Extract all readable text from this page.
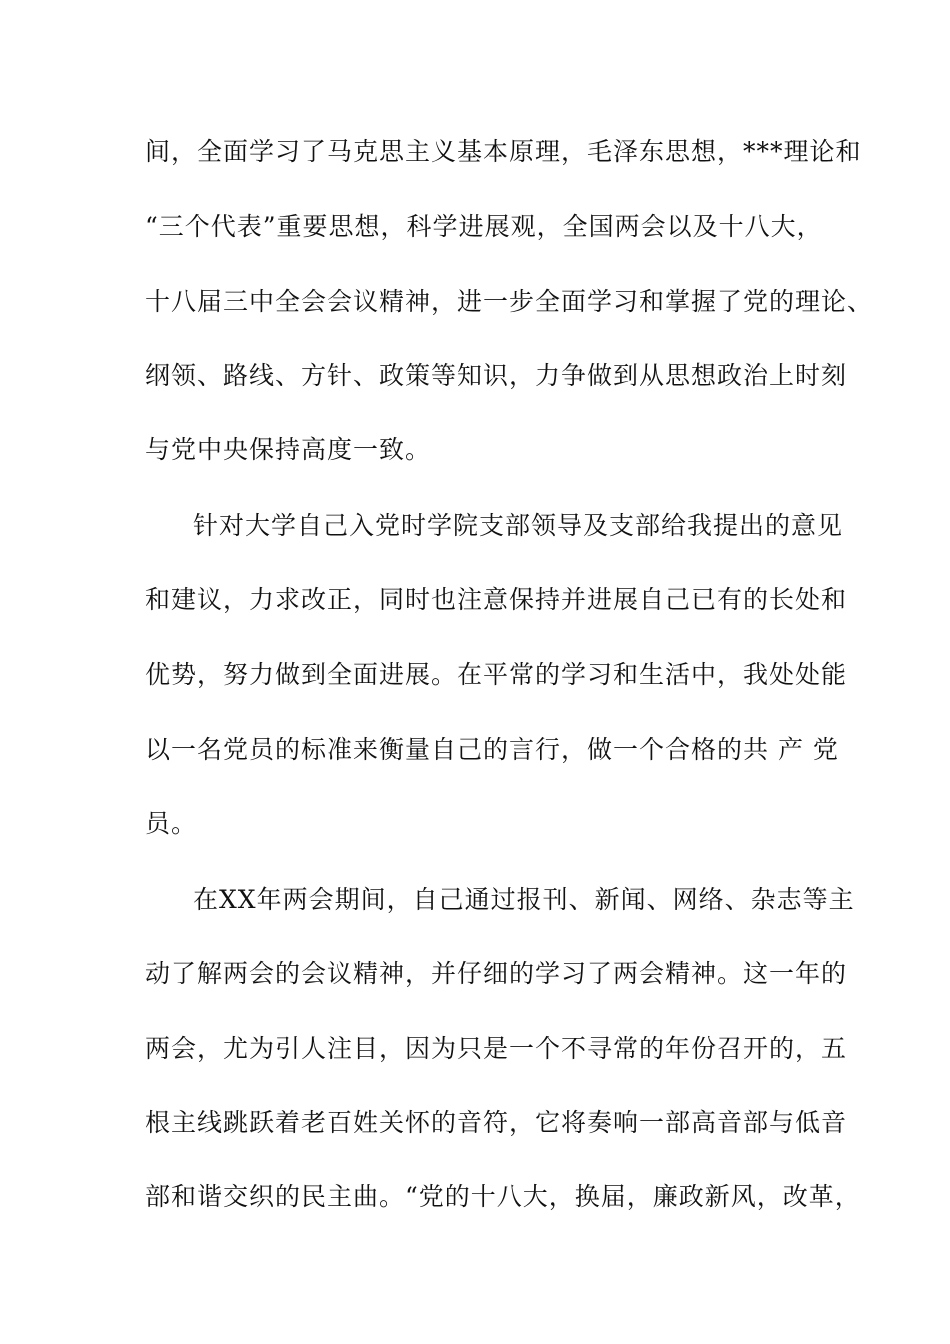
间，全面学习了马克思主义基本原理，毛泽东思想，***理论和
“三个代表”重要思想，科学进展观，全国两会以及十八大，
十八届三中全会会议精神，进一步全面学习和掌握了党的理论、
纲领、路线、方针、政策等知识，力争做到从思想政治上时刻
与党中央保持高度一致。
针对大学自己入党时学院支部领导及支部给我提出的意见
和建议，力求改正，同时也注意保持并进展自己已有的长处和
优势，努力做到全面进展。在平常的学习和生活中，我处处能
以一名党员的标准来衡量自己的言行，做一个合格的共 产 党
员。
在XX年两会期间，自己通过报刊、新闻、网络、杂志等主
动了解两会的会议精神，并仔细的学习了两会精神。这一年的
两会，尤为引人注目，因为只是一个不寻常的年份召开的，五
根主线跳跃着老百姓关怀的音符，它将奏响一部高音部与低音
部和谐交织的民主曲。“党的十八大，换届，廉政新风，改革，
